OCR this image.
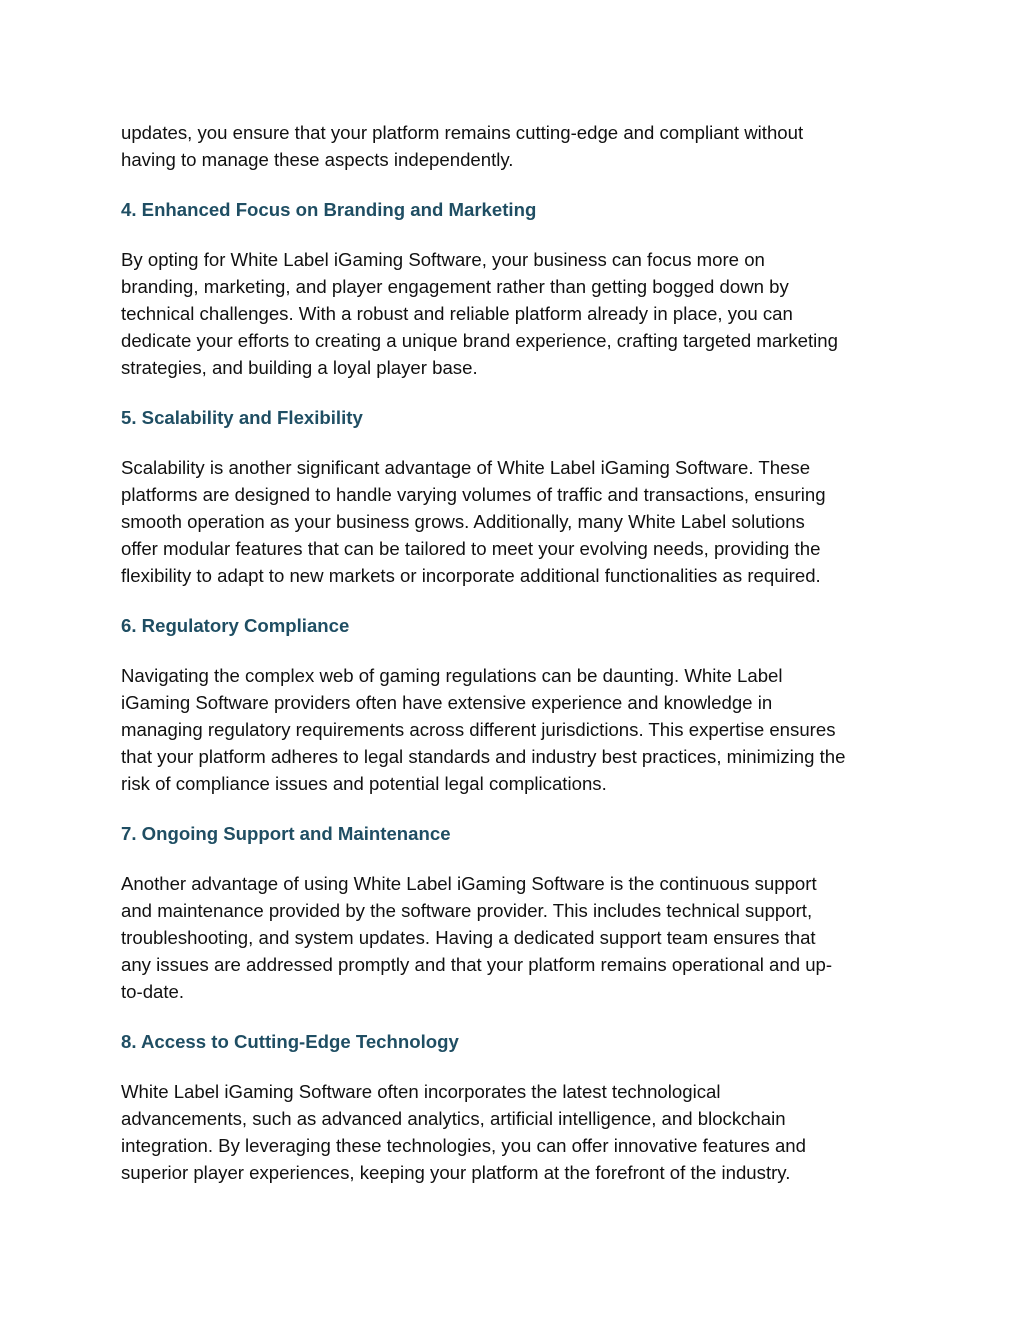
updates, you ensure that your platform remains cutting-edge and compliant without
having to manage these aspects independently.
4. Enhanced Focus on Branding and Marketing
By opting for White Label iGaming Software, your business can focus more on
branding, marketing, and player engagement rather than getting bogged down by
technical challenges. With a robust and reliable platform already in place, you can
dedicate your efforts to creating a unique brand experience, crafting targeted marketing
strategies, and building a loyal player base.
5. Scalability and Flexibility
Scalability is another significant advantage of White Label iGaming Software. These
platforms are designed to handle varying volumes of traffic and transactions, ensuring
smooth operation as your business grows. Additionally, many White Label solutions
offer modular features that can be tailored to meet your evolving needs, providing the
flexibility to adapt to new markets or incorporate additional functionalities as required.
6. Regulatory Compliance
Navigating the complex web of gaming regulations can be daunting. White Label
iGaming Software providers often have extensive experience and knowledge in
managing regulatory requirements across different jurisdictions. This expertise ensures
that your platform adheres to legal standards and industry best practices, minimizing the
risk of compliance issues and potential legal complications.
7. Ongoing Support and Maintenance
Another advantage of using White Label iGaming Software is the continuous support
and maintenance provided by the software provider. This includes technical support,
troubleshooting, and system updates. Having a dedicated support team ensures that
any issues are addressed promptly and that your platform remains operational and up-
to-date.
8. Access to Cutting-Edge Technology
White Label iGaming Software often incorporates the latest technological
advancements, such as advanced analytics, artificial intelligence, and blockchain
integration. By leveraging these technologies, you can offer innovative features and
superior player experiences, keeping your platform at the forefront of the industry.
